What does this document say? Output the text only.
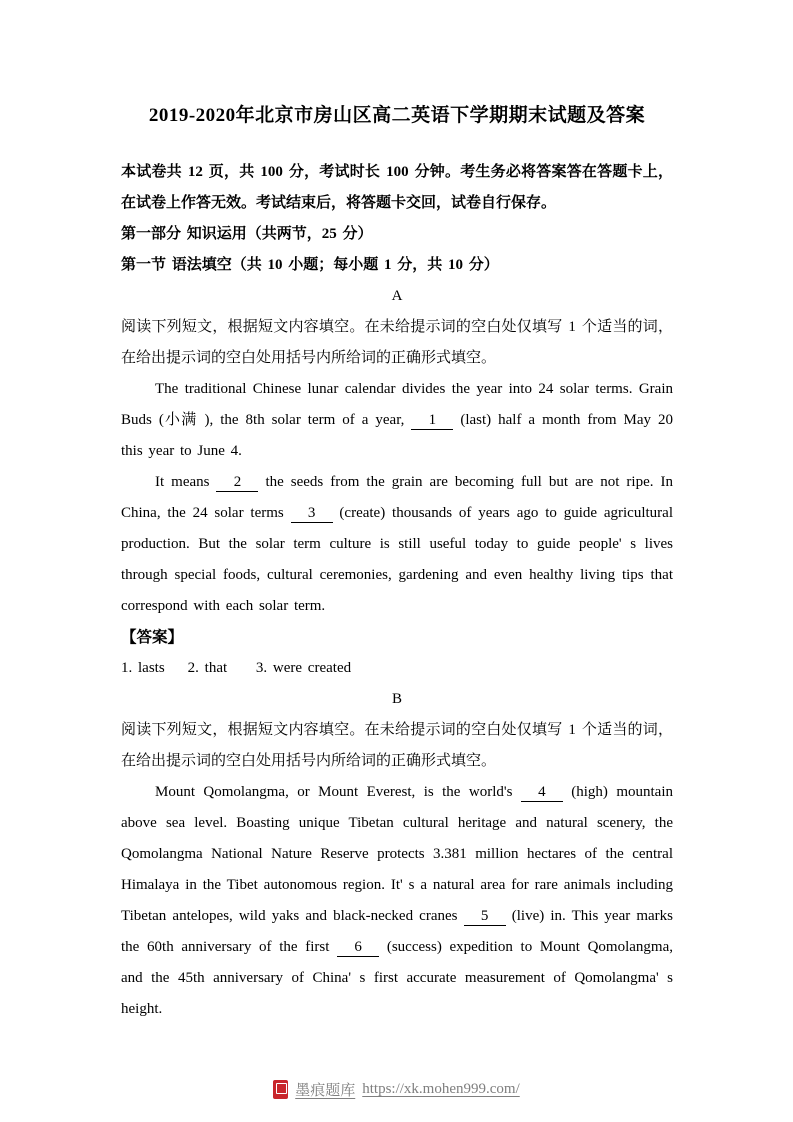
2019-2020年北京市房山区高二英语下学期期末试题及答案

本试卷共 12 页，共 100 分，考试时长 100 分钟。考生务必将答案答在答题卡上， 在试卷上作答无效。考试结束后，将答题卡交回，试卷自行保存。

第一部分 知识运用（共两节，25 分）

第一节 语法填空（共 10 小题；每小题 1 分，共 10 分）

A

阅读下列短文，根据短文内容填空。在未给提示词的空白处仅填写 1 个适当的词， 在给出提示词的空白处用括号内所给词的正确形式填空。

The traditional Chinese lunar calendar divides the year into 24 solar terms. Grain Buds (小满 ), the 8th solar term of a year, 1 (last) half a month from May 20 this year to June 4.

It means 2 the seeds from the grain are becoming full but are not ripe. In China, the 24 solar terms 3 (create) thousands of years ago to guide agricultural production. But the solar term culture is still useful today to guide people' s lives through special foods, cultural ceremonies, gardening and even healthy living tips that correspond with each solar term.

【答案】

1. lasts    2. that     3. were created

B

阅读下列短文，根据短文内容填空。在未给提示词的空白处仅填写 1 个适当的词， 在给出提示词的空白处用括号内所给词的正确形式填空。

Mount Qomolangma, or Mount Everest, is the world's 4 (high) mountain above sea level. Boasting unique Tibetan cultural heritage and natural scenery, the Qomolangma National Nature Reserve protects 3.381 million hectares of the central Himalaya in the Tibet autonomous region. It' s a natural area for rare animals including Tibetan antelopes, wild yaks and black-necked cranes 5 (live) in. This year marks the 60th anniversary of the first 6 (success) expedition to Mount Qomolangma, and the 45th anniversary of China' s first accurate measurement of Qomolangma' s height.

墨痕题库 https://xk.mohen999.com/
